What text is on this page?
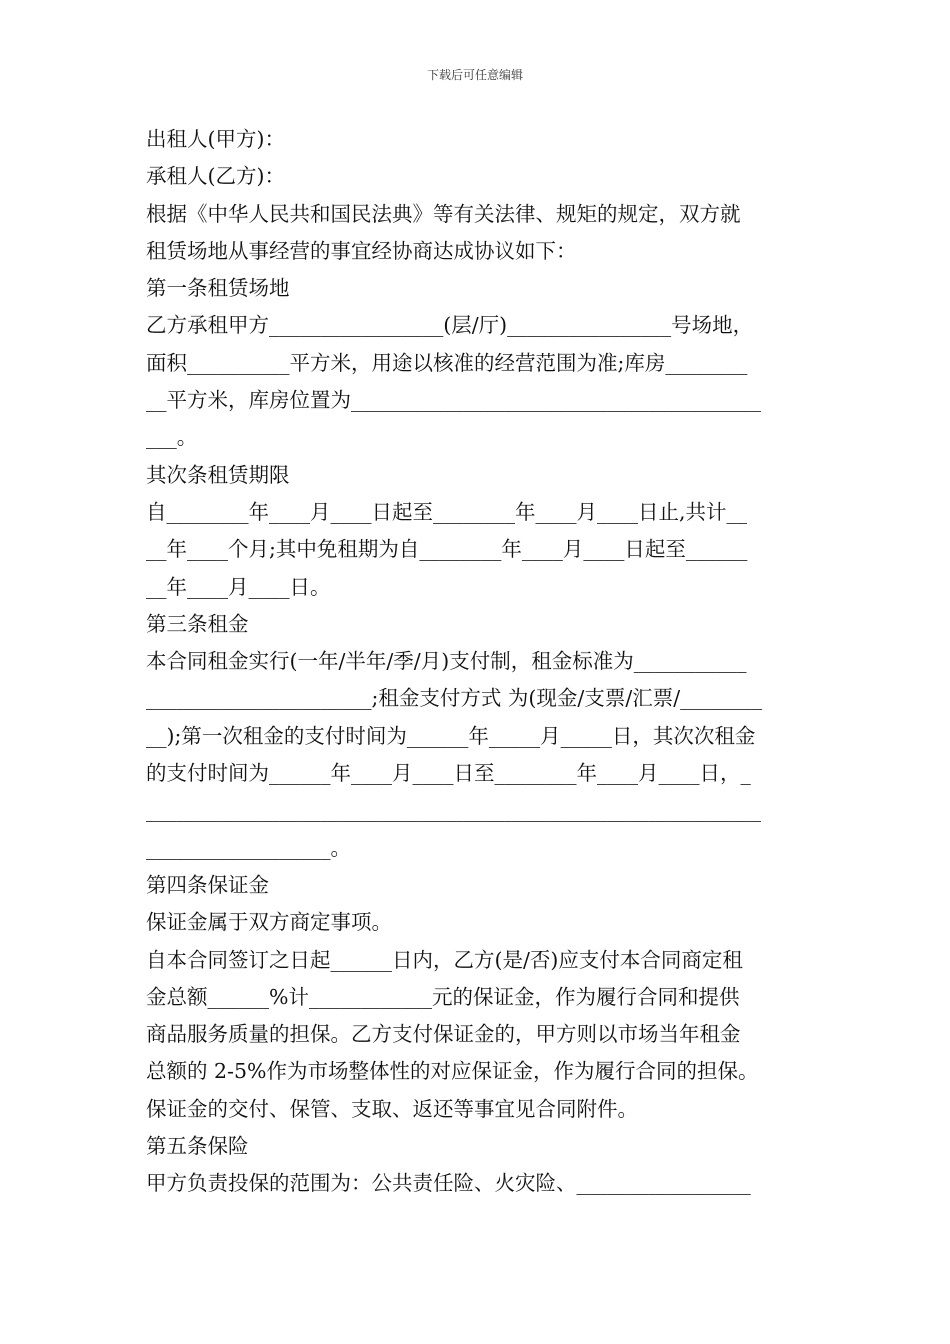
下载后可任意编辑
出租人(甲方)：
承租人(乙方)：
根据《中华人民共和国民法典》等有关法律、规矩的规定，双方就
租赁场地从事经营的事宜经协商达成协议如下：
第一条租赁场地
乙方承租甲方_________________(层/厅)________________号场地，
面积__________平方米，用途以核准的经营范围为准;库房________
__平方米，库房位置为________________________________________
___。
其次条租赁期限
自________年____月____日起至________年____月____日止,共计__
__年____个月;其中免租期为自________年____月____日起至______
__年____月____日。
第三条租金
本合同租金实行(一年/半年/季/月)支付制，租金标准为___________
______________________;租金支付方式 为(现金/支票/汇票/________
__);第一次租金的支付时间为______年_____月_____日，其次次租金
的支付时间为______年____月____日至________年____月____日，_
____________________________________________________________
__________________。
第四条保证金
保证金属于双方商定事项。
自本合同签订之日起______日内，乙方(是/否)应支付本合同商定租
金总额______%计____________元的保证金，作为履行合同和提供
商品服务质量的担保。乙方支付保证金的，甲方则以市场当年租金
总额的 2-5%作为市场整体性的对应保证金，作为履行合同的担保。
保证金的交付、保管、支取、返还等事宜见合同附件。
第五条保险
甲方负责投保的范围为：公共责任险、火灾险、_________________
